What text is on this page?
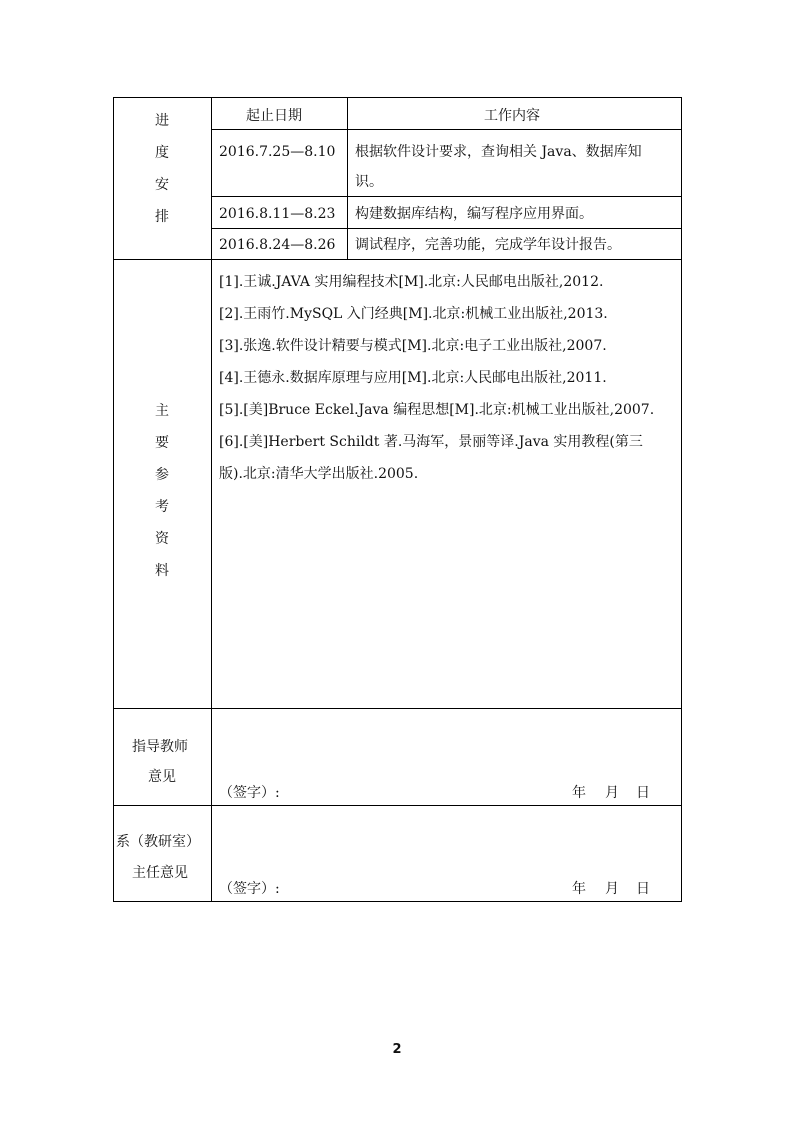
进
度
安
排
起止日期	工作内容
2016.7.25—8.10 根据软件设计要求，查询相关 Java、数据库知
识。
2016.8.11—8.23 构建数据库结构，编写程序应用界面。
2016.8.24—8.26 调试程序，完善功能，完成学年设计报告。
主
要
参
考
资
料
[1].王诚.JAVA 实用编程技术[M].北京:人民邮电出版社,2012.
[2].王雨竹.MySQL 入门经典[M].北京:机械工业出版社,2013.
[3].张逸.软件设计精要与模式[M].北京:电子工业出版社,2007.
[4].王德永.数据库原理与应用[M].北京:人民邮电出版社,2011.
[5].[美]Bruce Eckel.Java 编程思想[M].北京:机械工业出版社,2007.
[6].[美]Herbert Schildt 著.马海军，景丽等译.Java 实用教程(第三
版).北京:清华大学出版社.2005.
指导教师
意见
（签字）:	年 月 日
系（教研室）
主任意见
（签字）:	年 月 日
2
